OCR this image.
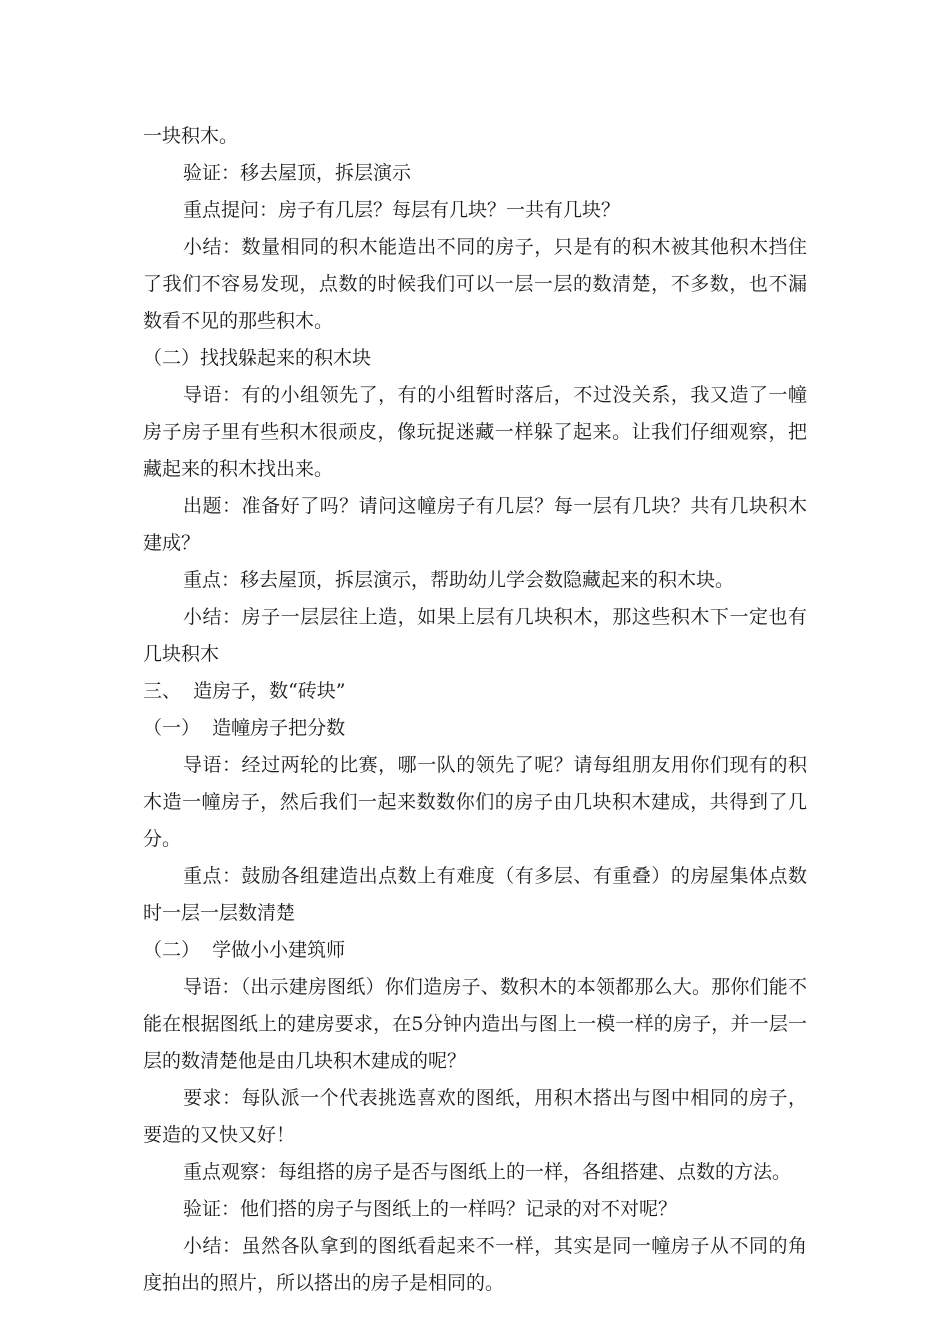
一块积木。

验证：移去屋顶，拆层演示

重点提问：房子有几层？每层有几块？一共有几块？

小结：数量相同的积木能造出不同的房子，只是有的积木被其他积木挡住了我们不容易发现，点数的时候我们可以一层一层的数清楚，不多数，也不漏数看不见的那些积木。

（二）找找躲起来的积木块

导语：有的小组领先了，有的小组暂时落后，不过没关系，我又造了一幢房子房子里有些积木很顽皮，像玩捉迷藏一样躲了起来。让我们仔细观察，把藏起来的积木找出来。

出题：准备好了吗？请问这幢房子有几层？每一层有几块？共有几块积木建成？

重点：移去屋顶，拆层演示，帮助幼儿学会数隐藏起来的积木块。

小结：房子一层层往上造，如果上层有几块积木，那这些积木下一定也有几块积木

三、  造房子，数“砖块”

（一）  造幢房子把分数

导语：经过两轮的比赛，哪一队的领先了呢？请每组朋友用你们现有的积木造一幢房子，然后我们一起来数数你们的房子由几块积木建成，共得到了几分。

重点：鼓励各组建造出点数上有难度（有多层、有重叠）的房屋集体点数时一层一层数清楚

（二）  学做小小建筑师

导语：（出示建房图纸）你们造房子、数积木的本领都那么大。那你们能不能在根据图纸上的建房要求，在5分钟内造出与图上一模一样的房子，并一层一层的数清楚他是由几块积木建成的呢？

要求：每队派一个代表挑选喜欢的图纸，用积木搭出与图中相同的房子，要造的又快又好！

重点观察：每组搭的房子是否与图纸上的一样，各组搭建、点数的方法。

验证：他们搭的房子与图纸上的一样吗？记录的对不对呢？

小结：虽然各队拿到的图纸看起来不一样，其实是同一幢房子从不同的角度拍出的照片，所以搭出的房子是相同的。
